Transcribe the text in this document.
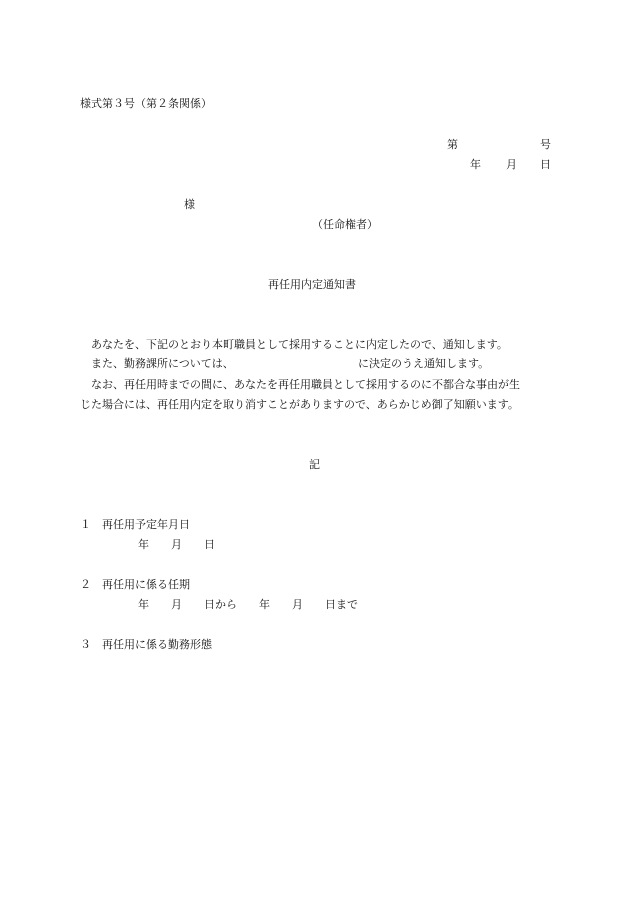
様式第３号（第２条関係）
第	号
年 月 日
様
（任命権者）
再任用内定通知書
あなたを、下記のとおり本町職員として採用することに内定したので、通知します。
また、勤務課所については、	に決定のうえ通知します。
なお、再任用時までの間に、あなたを再任用職員として採用するのに不都合な事由が生
じた場合には、再任用内定を取り消すことがありますので、あらかじめ御了知願います。
記
１ 再任用予定年月日
年　　月　　日
２ 再任用に係る任期
年　　月　　日から　　年　　月　　日まで
３ 再任用に係る勤務形態
